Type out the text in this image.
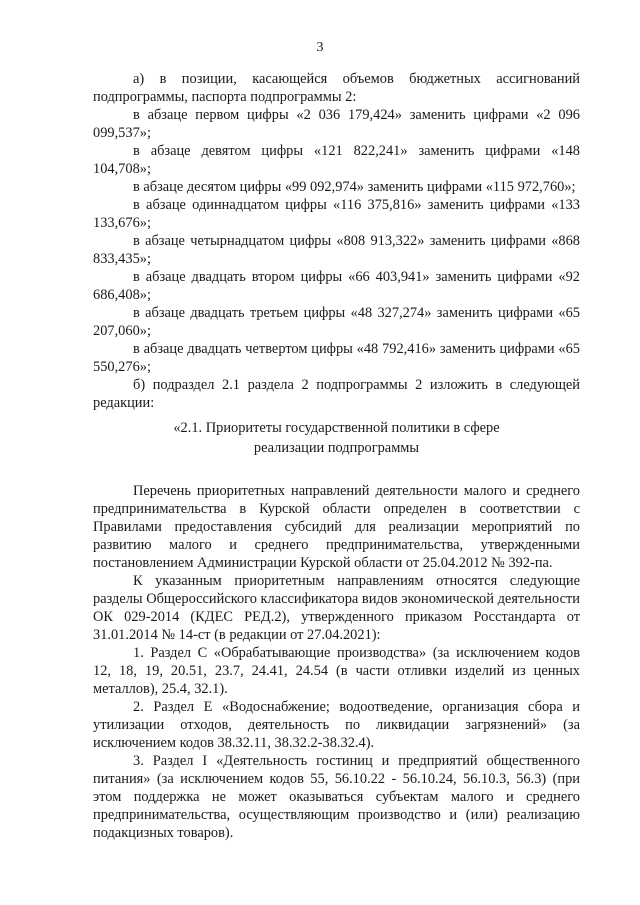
3

а) в позиции, касающейся объемов бюджетных ассигнований подпрограммы, паспорта подпрограммы 2:

в абзаце первом цифры «2 036 179,424» заменить цифрами «2 096 099,537»;

в абзаце девятом цифры «121 822,241» заменить цифрами «148 104,708»;

в абзаце десятом цифры «99 092,974» заменить цифрами «115 972,760»;

в абзаце одиннадцатом цифры «116 375,816» заменить цифрами «133 133,676»;

в абзаце четырнадцатом цифры «808 913,322» заменить цифрами «868 833,435»;

в абзаце двадцать втором цифры «66 403,941» заменить цифрами «92 686,408»;

в абзаце двадцать третьем цифры «48 327,274» заменить цифрами «65 207,060»;

в абзаце двадцать четвертом цифры «48 792,416» заменить цифрами «65 550,276»;

б) подраздел 2.1 раздела 2 подпрограммы 2 изложить в следующей редакции:

«2.1. Приоритеты государственной политики в сфере
реализации подпрограммы

Перечень приоритетных направлений деятельности малого и среднего предпринимательства в Курской области определен в соответствии с Правилами предоставления субсидий для реализации мероприятий по развитию малого и среднего предпринимательства, утвержденными постановлением Администрации Курской области от 25.04.2012 № 392-па.

К указанным приоритетным направлениям относятся следующие разделы Общероссийского классификатора видов экономической деятельности ОК 029-2014 (КДЕС РЕД.2), утвержденного приказом Росстандарта от 31.01.2014 № 14-ст (в редакции от 27.04.2021):

1. Раздел С «Обрабатывающие производства» (за исключением кодов 12, 18, 19, 20.51, 23.7, 24.41, 24.54 (в части отливки изделий из ценных металлов), 25.4, 32.1).

2. Раздел Е «Водоснабжение; водоотведение, организация сбора и утилизации отходов, деятельность по ликвидации загрязнений» (за исключением кодов 38.32.11, 38.32.2-38.32.4).

3. Раздел I «Деятельность гостиниц и предприятий общественного питания» (за исключением кодов 55, 56.10.22 - 56.10.24, 56.10.3, 56.3) (при этом поддержка не может оказываться субъектам малого и среднего предпринимательства, осуществляющим производство и (или) реализацию подакцизных товаров).
